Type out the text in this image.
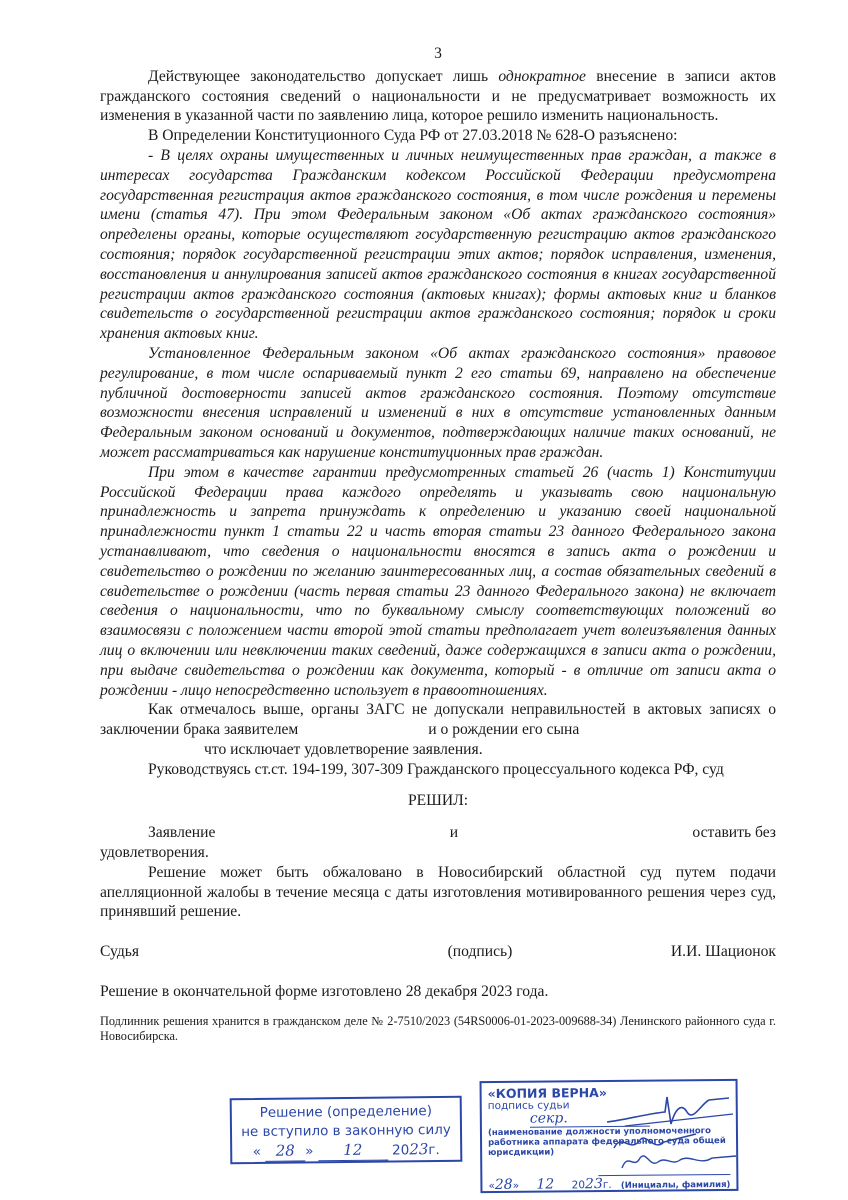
3

Действующее законодательство допускает лишь однократное внесение в записи актов гражданского состояния сведений о национальности и не предусматривает возможность их изменения в указанной части по заявлению лица, которое решило изменить национальность.

В Определении Конституционного Суда РФ от 27.03.2018 № 628-О разъяснено:

- В целях охраны имущественных и личных неимущественных прав граждан, а также в интересах государства Гражданским кодексом Российской Федерации предусмотрена государственная регистрация актов гражданского состояния, в том числе рождения и перемены имени (статья 47). При этом Федеральным законом «Об актах гражданского состояния» определены органы, которые осуществляют государственную регистрацию актов гражданского состояния; порядок государственной регистрации этих актов; порядок исправления, изменения, восстановления и аннулирования записей актов гражданского состояния в книгах государственной регистрации актов гражданского состояния (актовых книгах); формы актовых книг и бланков свидетельств о государственной регистрации актов гражданского состояния; порядок и сроки хранения актовых книг.

Установленное Федеральным законом «Об актах гражданского состояния» правовое регулирование, в том числе оспариваемый пункт 2 его статьи 69, направлено на обеспечение публичной достоверности записей актов гражданского состояния. Поэтому отсутствие возможности внесения исправлений и изменений в них в отсутствие установленных данным Федеральным законом оснований и документов, подтверждающих наличие таких оснований, не может рассматриваться как нарушение конституционных прав граждан.

При этом в качестве гарантии предусмотренных статьей 26 (часть 1) Конституции Российской Федерации права каждого определять и указывать свою национальную принадлежность и запрета принуждать к определению и указанию своей национальной принадлежности пункт 1 статьи 22 и часть вторая статьи 23 данного Федерального закона устанавливают, что сведения о национальности вносятся в запись акта о рождении и свидетельство о рождении по желанию заинтересованных лиц, а состав обязательных сведений в свидетельстве о рождении (часть первая статьи 23 данного Федерального закона) не включает сведения о национальности, что по буквальному смыслу соответствующих положений во взаимосвязи с положением части второй этой статьи предполагает учет волеизъявления данных лиц о включении или невключении таких сведений, даже содержащихся в записи акта о рождении, при выдаче свидетельства о рождении как документа, который - в отличие от записи акта о рождении - лицо непосредственно использует в правоотношениях.

Как отмечалось выше, органы ЗАГС не допускали неправильностей в актовых записях о заключении брака заявителем	и о рождении его сына
что исключает удовлетворение заявления.

Руководствуясь ст.ст. 194-199, 307-309 Гражданского процессуального кодекса РФ, суд

РЕШИЛ:

Заявление	и	оставить без
удовлетворения.

Решение может быть обжаловано в Новосибирский областной суд путем подачи апелляционной жалобы в течение месяца с даты изготовления мотивированного решения через суд, принявший решение.

Судья	(подпись)	И.И. Шационок

Решение в окончательной форме изготовлено 28 декабря 2023 года.

Подлинник решения хранится в гражданском деле № 2-7510/2023 (54RS0006-01-2023-009688-34) Ленинского районного суда г. Новосибирска.

Решение (определение)
не вступило в законную силу
« 28 » 12 2023г.
«КОПИЯ ВЕРНА»
подпись судьи
секр.
(наименование должности уполномоченного работника аппарата федерального суда общей юрисдикции)
«28» 12 2023г. (Инициалы, фамилия)
